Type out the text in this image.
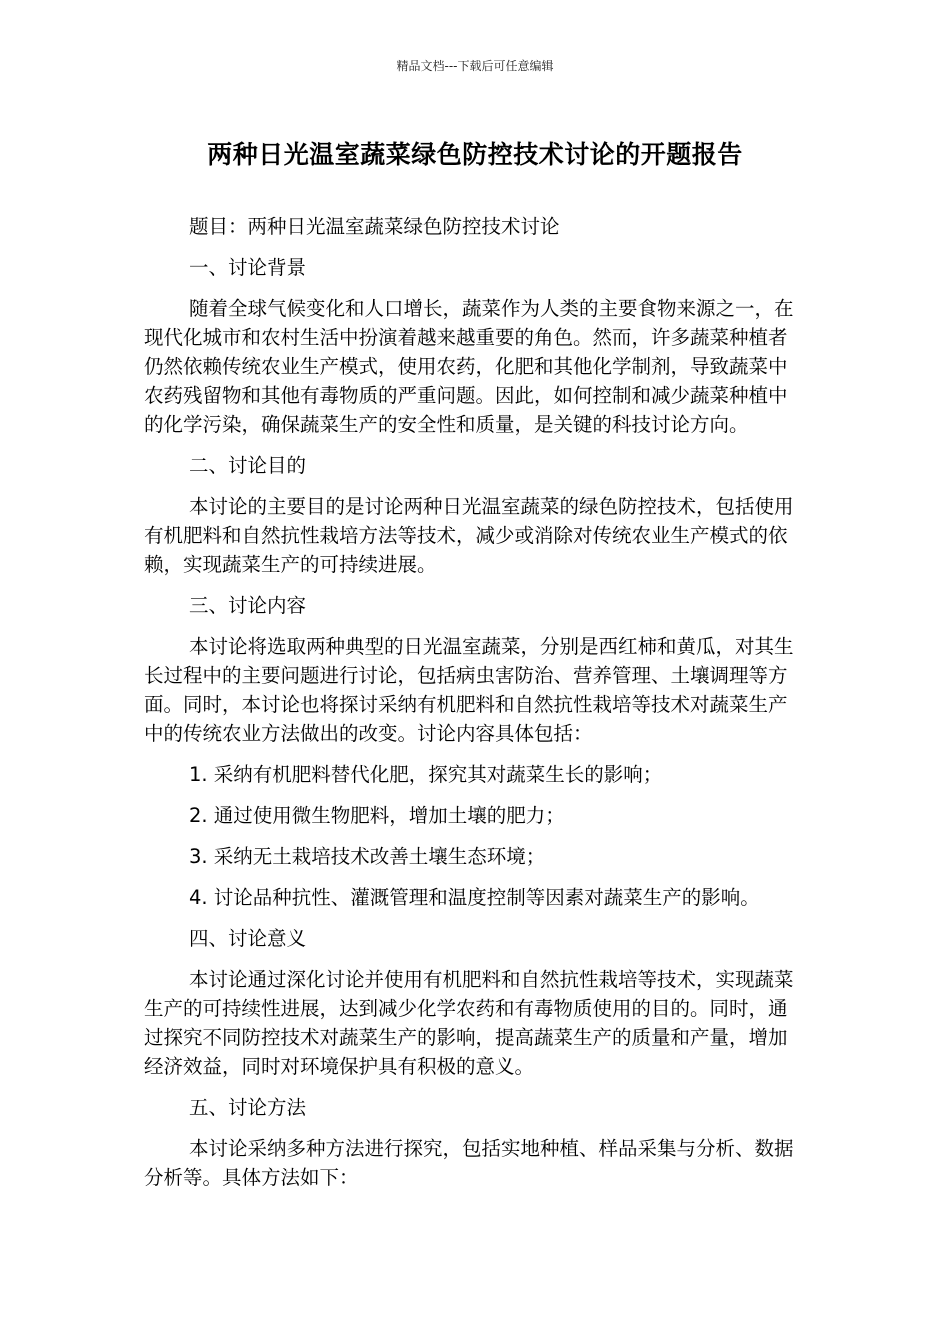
精品文档---下载后可任意编辑
两种日光温室蔬菜绿色防控技术讨论的开题报告

题目：两种日光温室蔬菜绿色防控技术讨论

一、讨论背景

随着全球气候变化和人口增长，蔬菜作为人类的主要食物来源之一，在现代化城市和农村生活中扮演着越来越重要的角色。然而，许多蔬菜种植者仍然依赖传统农业生产模式，使用农药，化肥和其他化学制剂，导致蔬菜中农药残留物和其他有毒物质的严重问题。因此，如何控制和减少蔬菜种植中的化学污染，确保蔬菜生产的安全性和质量，是关键的科技讨论方向。

二、讨论目的

本讨论的主要目的是讨论两种日光温室蔬菜的绿色防控技术，包括使用有机肥料和自然抗性栽培方法等技术，减少或消除对传统农业生产模式的依赖，实现蔬菜生产的可持续进展。

三、讨论内容

本讨论将选取两种典型的日光温室蔬菜，分别是西红柿和黄瓜，对其生长过程中的主要问题进行讨论，包括病虫害防治、营养管理、土壤调理等方面。同时，本讨论也将探讨采纳有机肥料和自然抗性栽培等技术对蔬菜生产中的传统农业方法做出的改变。讨论内容具体包括：

1. 采纳有机肥料替代化肥，探究其对蔬菜生长的影响；

2. 通过使用微生物肥料，增加土壤的肥力；

3. 采纳无土栽培技术改善土壤生态环境；

4. 讨论品种抗性、灌溉管理和温度控制等因素对蔬菜生产的影响。

四、讨论意义

本讨论通过深化讨论并使用有机肥料和自然抗性栽培等技术，实现蔬菜生产的可持续性进展，达到减少化学农药和有毒物质使用的目的。同时，通过探究不同防控技术对蔬菜生产的影响，提高蔬菜生产的质量和产量，增加经济效益，同时对环境保护具有积极的意义。

五、讨论方法

本讨论采纳多种方法进行探究，包括实地种植、样品采集与分析、数据分析等。具体方法如下：
